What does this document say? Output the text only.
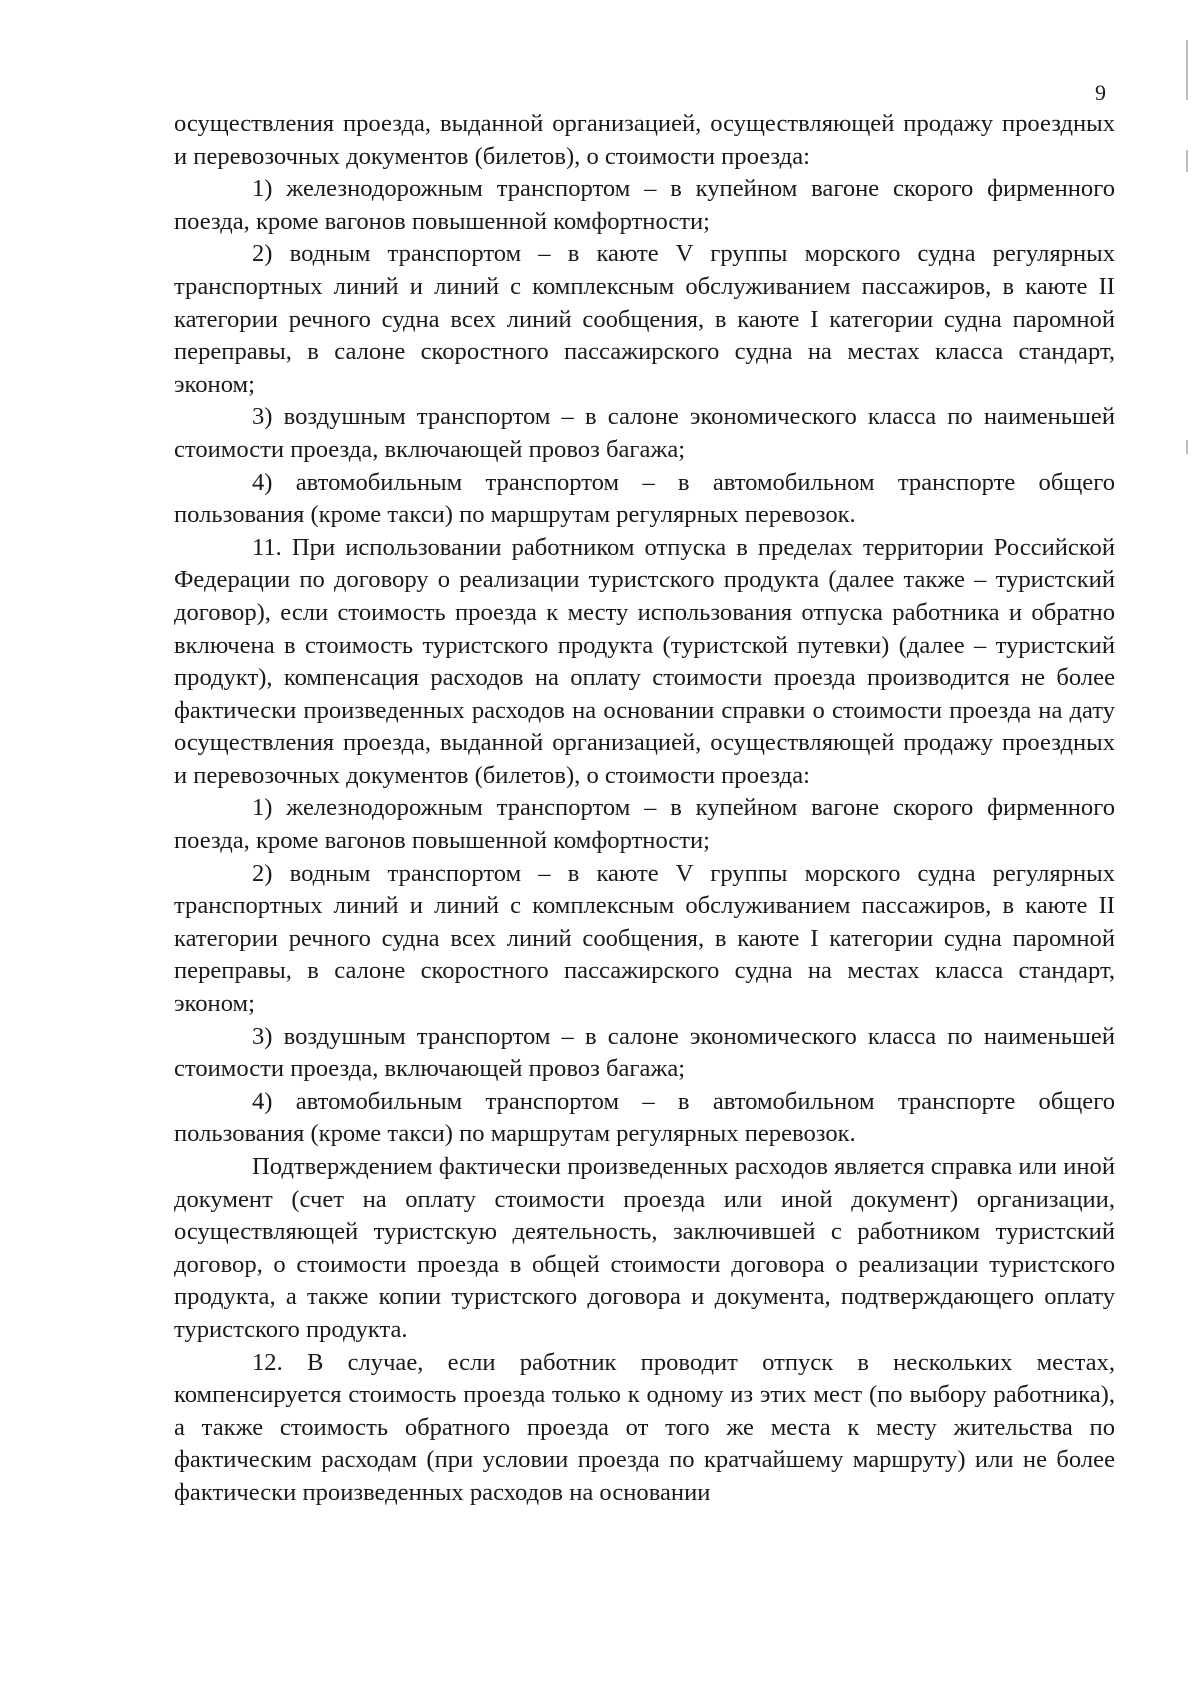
9

осуществления проезда, выданной организацией, осуществляющей продажу проездных и перевозочных документов (билетов), о стоимости проезда:

1) железнодорожным транспортом – в купейном вагоне скорого фирменного поезда, кроме вагонов повышенной комфортности;

2) водным транспортом – в каюте V группы морского судна регулярных транспортных линий и линий с комплексным обслуживанием пассажиров, в каюте II категории речного судна всех линий сообщения, в каюте I категории судна паромной переправы, в салоне скоростного пассажирского судна на местах класса стандарт, эконом;

3) воздушным транспортом – в салоне экономического класса по наименьшей стоимости проезда, включающей провоз багажа;

4) автомобильным транспортом – в автомобильном транспорте общего пользования (кроме такси) по маршрутам регулярных перевозок.

11. При использовании работником отпуска в пределах территории Российской Федерации по договору о реализации туристского продукта (далее также – туристский договор), если стоимость проезда к месту использования отпуска работника и обратно включена в стоимость туристского продукта (туристской путевки) (далее – туристский продукт), компенсация расходов на оплату стоимости проезда производится не более фактически произведенных расходов на основании справки о стоимости проезда на дату осуществления проезда, выданной организацией, осуществляющей продажу проездных и перевозочных документов (билетов), о стоимости проезда:

1) железнодорожным транспортом – в купейном вагоне скорого фирменного поезда, кроме вагонов повышенной комфортности;

2) водным транспортом – в каюте V группы морского судна регулярных транспортных линий и линий с комплексным обслуживанием пассажиров, в каюте II категории речного судна всех линий сообщения, в каюте I категории судна паромной переправы, в салоне скоростного пассажирского судна на местах класса стандарт, эконом;

3) воздушным транспортом – в салоне экономического класса по наименьшей стоимости проезда, включающей провоз багажа;

4) автомобильным транспортом – в автомобильном транспорте общего пользования (кроме такси) по маршрутам регулярных перевозок.

Подтверждением фактически произведенных расходов является справка или иной документ (счет на оплату стоимости проезда или иной документ) организации, осуществляющей туристскую деятельность, заключившей с работником туристский договор, о стоимости проезда в общей стоимости договора о реализации туристского продукта, а также копии туристского договора и документа, подтверждающего оплату туристского продукта.

12. В случае, если работник проводит отпуск в нескольких местах, компенсируется стоимость проезда только к одному из этих мест (по выбору работника), а также стоимость обратного проезда от того же места к месту жительства по фактическим расходам (при условии проезда по кратчайшему маршруту) или не более фактически произведенных расходов на основании
